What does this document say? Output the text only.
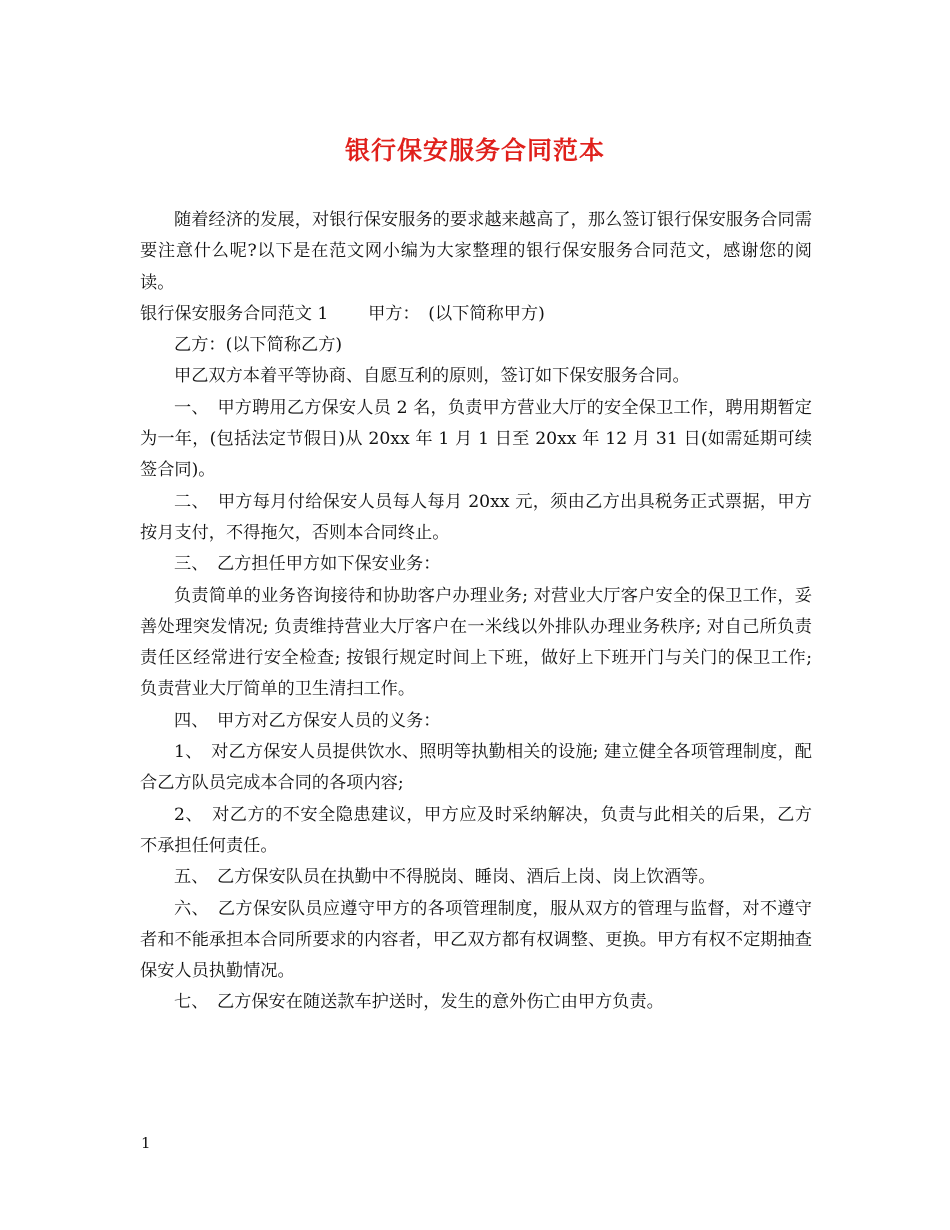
银行保安服务合同范本

随着经济的发展，对银行保安服务的要求越来越高了，那么签订银行保安服务合同需要注意什么呢?以下是在范文网小编为大家整理的银行保安服务合同范文，感谢您的阅读。

银行保安服务合同范文 1　　 甲方：　(以下简称甲方)

乙方：(以下简称乙方)

甲乙双方本着平等协商、自愿互利的原则，签订如下保安服务合同。

一、　甲方聘用乙方保安人员 2 名，负责甲方营业大厅的安全保卫工作，聘用期暂定为一年，(包括法定节假日)从 20xx 年 1 月 1 日至 20xx 年 12 月 31 日(如需延期可续签合同)。

二、　甲方每月付给保安人员每人每月 20xx 元，须由乙方出具税务正式票据，甲方按月支付，不得拖欠，否则本合同终止。

三、　乙方担任甲方如下保安业务：

负责简单的业务咨询接待和协助客户办理业务; 对营业大厅客户安全的保卫工作，妥善处理突发情况; 负责维持营业大厅客户在一米线以外排队办理业务秩序; 对自己所负责责任区经常进行安全检查; 按银行规定时间上下班，做好上下班开门与关门的保卫工作; 负责营业大厅简单的卫生清扫工作。

四、　甲方对乙方保安人员的义务：

1、　对乙方保安人员提供饮水、照明等执勤相关的设施; 建立健全各项管理制度，配合乙方队员完成本合同的各项内容;

2、　对乙方的不安全隐患建议，甲方应及时采纳解决，负责与此相关的后果，乙方不承担任何责任。

五、　乙方保安队员在执勤中不得脱岗、睡岗、酒后上岗、岗上饮酒等。

六、　乙方保安队员应遵守甲方的各项管理制度，服从双方的管理与监督，对不遵守者和不能承担本合同所要求的内容者，甲乙双方都有权调整、更换。甲方有权不定期抽查保安人员执勤情况。

七、　乙方保安在随送款车护送时，发生的意外伤亡由甲方负责。

1
